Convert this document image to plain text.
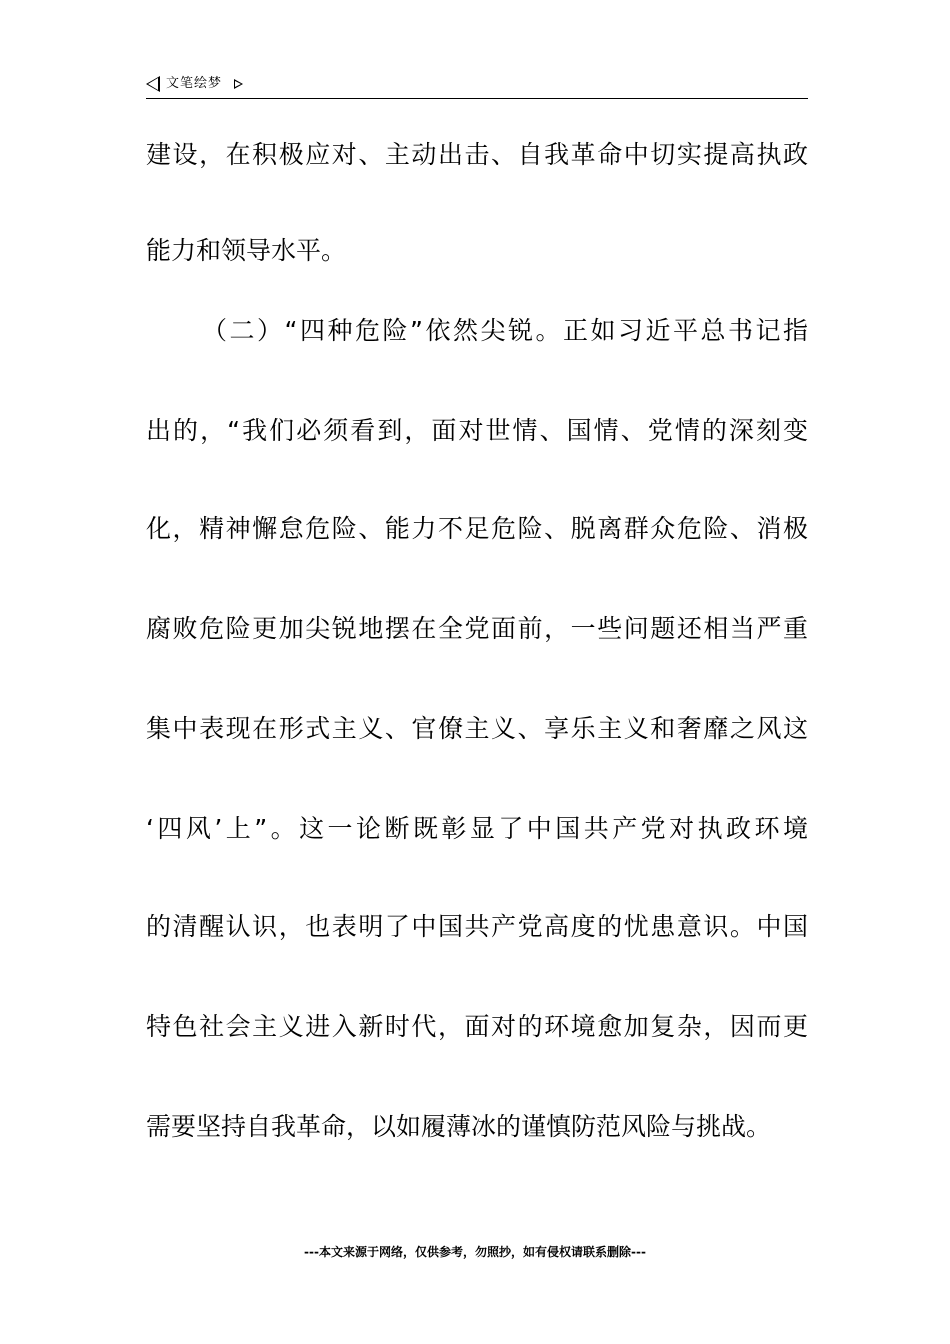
文笔绘梦
建设，在积极应对、主动出击、自我革命中切实提高执政
能力和领导水平。
（二）“四种危险”依然尖锐。正如习近平总书记指
出的，“我们必须看到，面对世情、国情、党情的深刻变
化，精神懈怠危险、能力不足危险、脱离群众危险、消极
腐败危险更加尖锐地摆在全党面前，一些问题还相当严重
集中表现在形式主义、官僚主义、享乐主义和奢靡之风这
‘四风’上”。这一论断既彰显了中国共产党对执政环境
的清醒认识，也表明了中国共产党高度的忧患意识。中国
特色社会主义进入新时代，面对的环境愈加复杂，因而更
需要坚持自我革命，以如履薄冰的谨慎防范风险与挑战。
---本文来源于网络，仅供参考，勿照抄，如有侵权请联系删除---
